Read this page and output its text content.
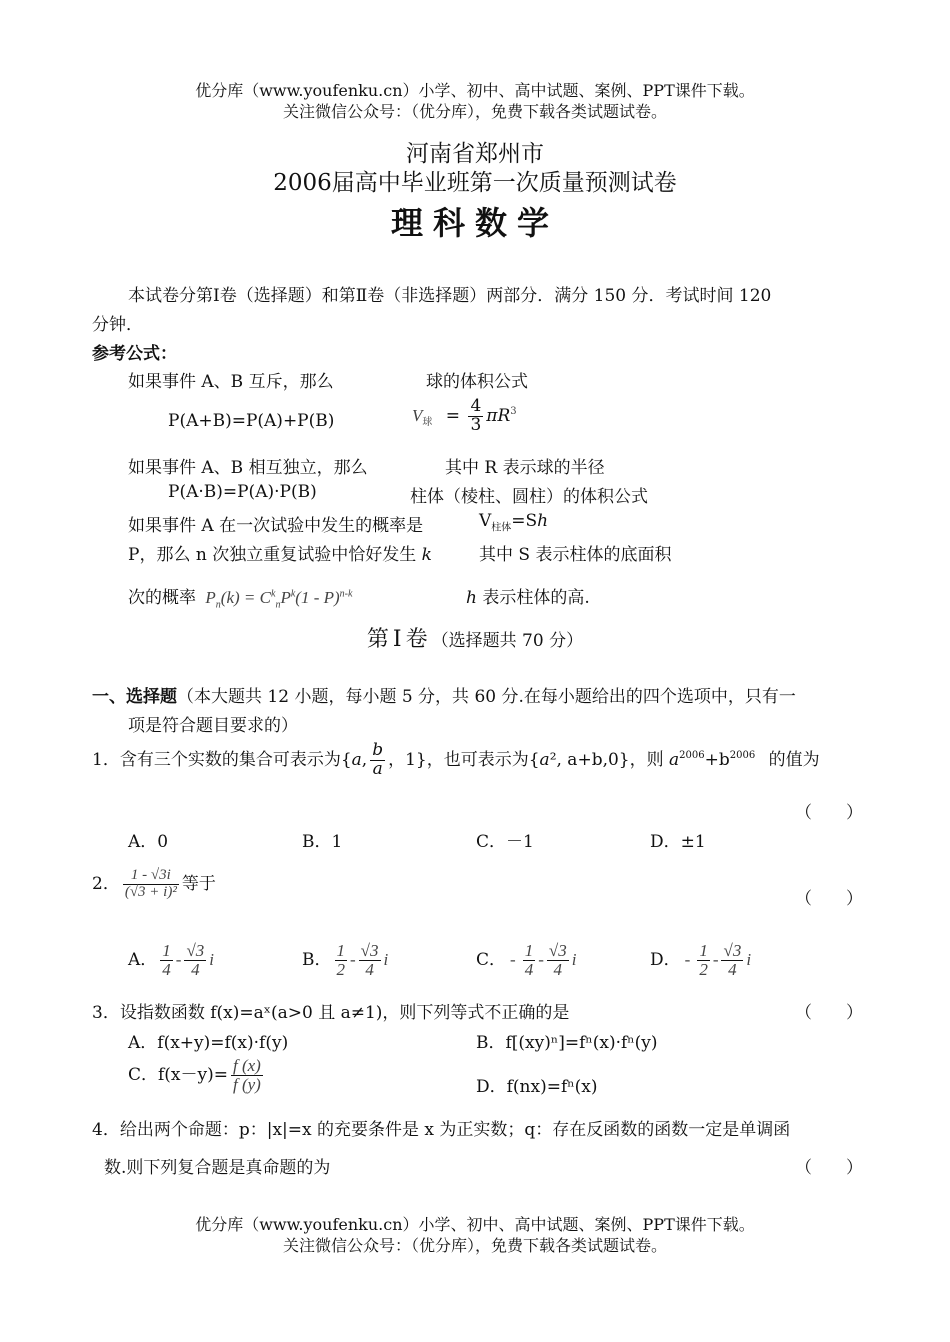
优分库（www.youfenku.cn）小学、初中、高中试题、案例、PPT课件下载。
关注微信公众号：（优分库），免费下载各类试题试卷。
河南省郑州市
2006届高中毕业班第一次质量预测试卷
理科数学
本试卷分第Ⅰ卷（选择题）和第Ⅱ卷（非选择题）两部分．满分 150 分．考试时间 120
分钟．
参考公式：
如果事件 A、B 互斥，那么	球的体积公式
P(A+B)=P(A)+P(B)	$V_球 = \frac{4}{3} \pi R^3$
如果事件 A、B 相互独立，那么	其中 R 表示球的半径
P(A·B)=P(A)·P(B)	柱体（棱柱、圆柱）的体积公式
如果事件 A 在一次试验中发生的概率是	$V_{柱体}=Sh$
P，那么 n 次独立重复试验中恰好发生 k	其中 S 表示柱体的底面积
次的概率 $P_n(k) = C^k_nP^k(1 - P)^{n-k}$	h 表示柱体的高.
第Ⅰ卷（选择题共 70 分）
一、选择题（本大题共 12 小题，每小题 5 分，共 60 分.在每小题给出的四个选项中，只有一
项是符合题目要求的）
1．含有三个实数的集合可表示为{a, $\frac{b}{a}$ ，1}，也可表示为{a², a+b,0}，则 $a^{2006}+b^{2006}$ 的值为
（　　）
A．0	B．1	C．－1	D．±1
2． $\frac{1 - √3i}{\text{(√3 + i)²}}$ 等于
（　　）
A． $\frac{1}{4} - \frac{√3}{4}$ i	B． $\frac{1}{2} - \frac{√3}{4}$ i	C． - $\frac{1}{4} - \frac{√3}{4}$ i	D． - $\frac{1}{2} - \frac{√3}{4}$ i
3．设指数函数 f(x)=aˣ(a>0 且 a≠1)，则下列等式不正确的是	（　　）
A．f(x+y)=f(x)·f(y)	B．f[(xy)ⁿ]=fⁿ(x)·fⁿ(y)
C．$f(x-y)= \frac{f (x)}{f (y)}$	D．f(nx)=fⁿ(x)
4．给出两个命题：p：|x|=x 的充要条件是 x 为正实数；q：存在反函数的函数一定是单调函
数.则下列复合题是真命题的为	（　　）
优分库（www.youfenku.cn）小学、初中、高中试题、案例、PPT课件下载。
关注微信公众号：（优分库），免费下载各类试题试卷。
